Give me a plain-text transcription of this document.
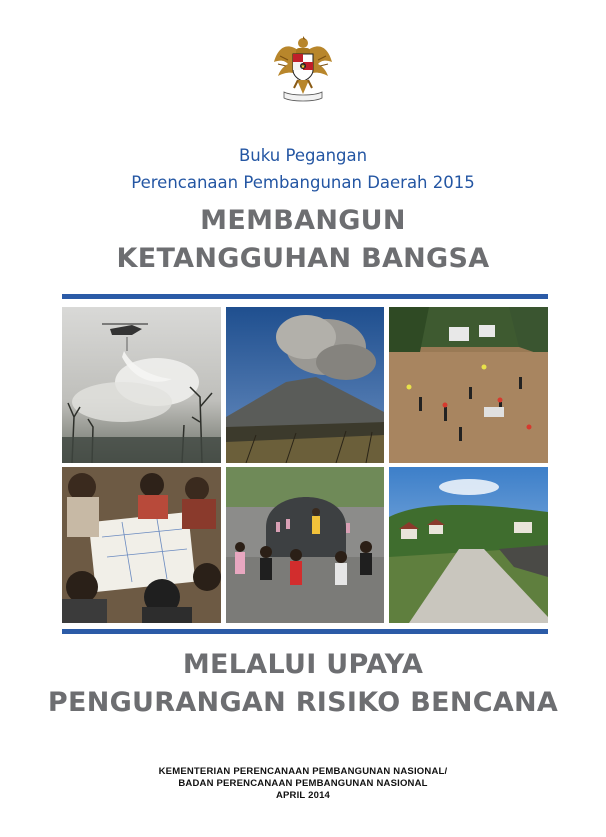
Buku Pegangan
Perencanaan Pembangunan Daerah 2015
MEMBANGUN
KETANGGUHAN BANGSA
MELALUI UPAYA
PENGURANGAN RISIKO BENCANA
KEMENTERIAN PERENCANAAN PEMBANGUNAN NASIONAL/
BADAN PERENCANAAN PEMBANGUNAN NASIONAL
APRIL 2014
